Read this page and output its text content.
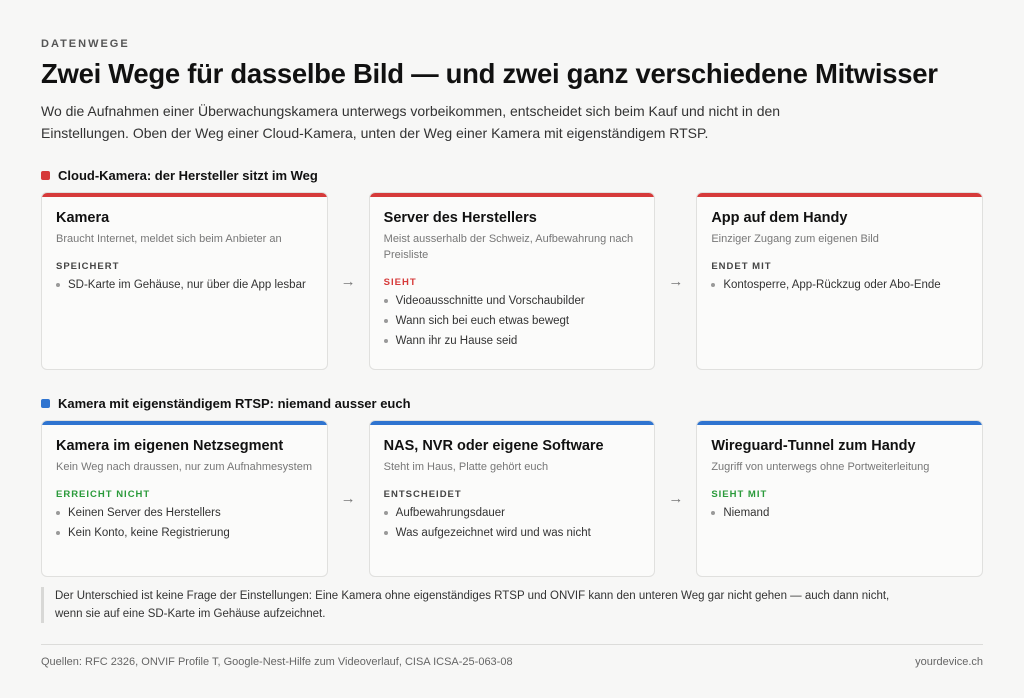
DATENWEGE
Zwei Wege für dasselbe Bild — und zwei ganz verschiedene Mitwisser
Wo die Aufnahmen einer Überwachungskamera unterwegs vorbeikommen, entscheidet sich beim Kauf und nicht in den Einstellungen. Oben der Weg einer Cloud-Kamera, unten der Weg einer Kamera mit eigenständigem RTSP.
Cloud-Kamera: der Hersteller sitzt im Weg
Kamera
Braucht Internet, meldet sich beim Anbieter an
SPEICHERT
SD-Karte im Gehäuse, nur über die App lesbar	→
Server des Herstellers
Meist ausserhalb der Schweiz, Aufbewahrung nach Preisliste
SIEHT
Videoausschnitte und Vorschaubilder
Wann sich bei euch etwas bewegt
Wann ihr zu Hause seid
→
App auf dem Handy
Einziger Zugang zum eigenen Bild
ENDET MIT
Kontosperre, App-Rückzug oder Abo-Ende
Kamera mit eigenständigem RTSP: niemand ausser euch
Kamera im eigenen Netzsegment
Kein Weg nach draussen, nur zum Aufnahmesystem
ERREICHT NICHT
Keinen Server des Herstellers
Kein Konto, keine Registrierung
→
NAS, NVR oder eigene Software
Steht im Haus, Platte gehört euch
ENTSCHEIDET
Aufbewahrungsdauer
Was aufgezeichnet wird und was nicht
→
Wireguard-Tunnel zum Handy
Zugriff von unterwegs ohne Portweiterleitung
SIEHT MIT
Niemand
Der Unterschied ist keine Frage der Einstellungen: Eine Kamera ohne eigenständiges RTSP und ONVIF kann den unteren Weg gar nicht gehen — auch dann nicht, wenn sie auf eine SD-Karte im Gehäuse aufzeichnet.
Quellen: RFC 2326, ONVIF Profile T, Google-Nest-Hilfe zum Videoverlauf, CISA ICSA-25-063-08	yourdevice.ch
